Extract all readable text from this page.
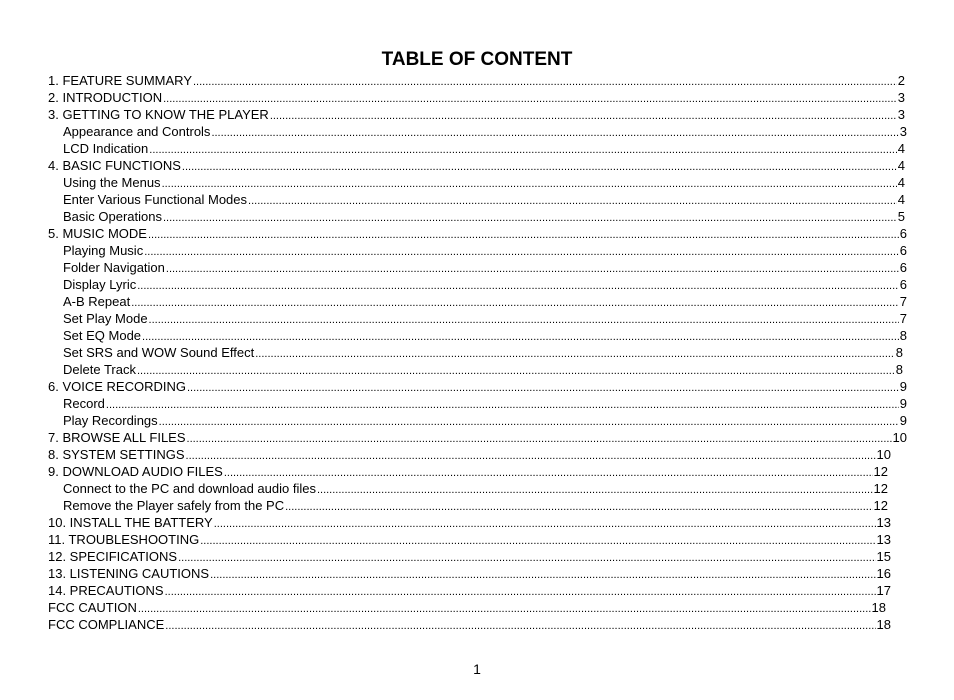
TABLE OF CONTENT
1. FEATURE SUMMARY .....	2
2. INTRODUCTION .....	3
3. GETTING TO KNOW THE PLAYER .....	3
Appearance and Controls .....	3
LCD Indication .....	4
4. BASIC FUNCTIONS .....	4
Using the Menus .....	4
Enter Various Functional Modes .....	4
Basic Operations .....	5
5. MUSIC MODE .....	6
Playing Music .....	6
Folder Navigation .....	6
Display Lyric .....	6
A-B Repeat .....	7
Set Play Mode .....	7
Set EQ Mode .....	8
Set SRS and WOW Sound Effect .....	8
Delete Track .....	8
6. VOICE RECORDING .....	9
Record .....	9
Play Recordings .....	9
7. BROWSE ALL FILES .....	10
8. SYSTEM SETTINGS .....	10
9. DOWNLOAD AUDIO FILES .....	12
Connect to the PC and download audio files .....	12
Remove the Player safely from the PC .....	12
10. INSTALL THE BATTERY .....	13
11. TROUBLESHOOTING .....	13
12. SPECIFICATIONS .....	15
13. LISTENING CAUTIONS .....	16
14. PRECAUTIONS .....	17
FCC CAUTION .....	18
FCC COMPLIANCE .....	18
1
